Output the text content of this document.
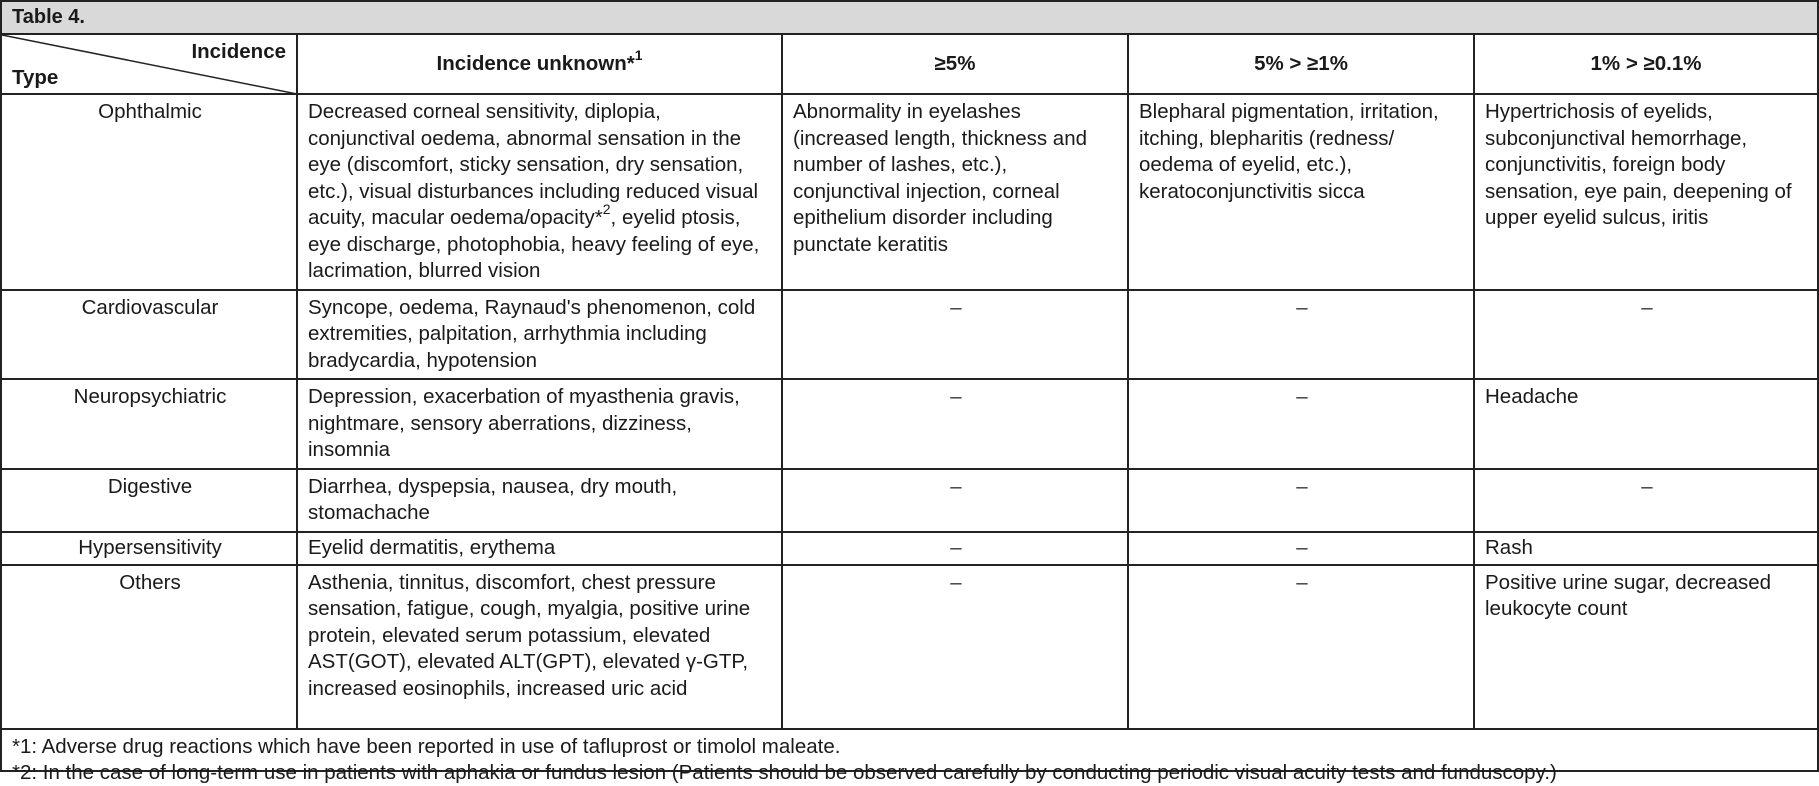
Table 4.
Incidence
Type	Incidence unknown*$^1$	≥5%	5% > ≥1%	1% > ≥0.1%
Ophthalmic	Decreased corneal sensitivity, diplopia, conjunctival oedema, abnormal sensation in the eye (discomfort, sticky sensation, dry sensation, etc.), visual disturbances including reduced visual acuity, macular oedema/opacity*$^2$, eyelid ptosis, eye discharge, photophobia, heavy feeling of eye, lacrimation, blurred vision	Abnormality in eyelashes (increased length, thickness and number of lashes, etc.), conjunctival injection, corneal epithelium disorder including punctate keratitis	Blepharal pigmentation, irritation, itching, blepharitis (redness/ oedema of eyelid, etc.), keratoconjunctivitis sicca	Hypertrichosis of eyelids, subconjunctival hemorrhage, conjunctivitis, foreign body sensation, eye pain, deepening of upper eyelid sulcus, iritis
Cardiovascular	Syncope, oedema, Raynaud's phenomenon, cold extremities, palpitation, arrhythmia including bradycardia, hypotension	–	–	–
Neuropsychiatric	Depression, exacerbation of myasthenia gravis, nightmare, sensory aberrations, dizziness, insomnia	–	–	Headache
Digestive	Diarrhea, dyspepsia, nausea, dry mouth, stomachache	–	–	–
Hypersensitivity	Eyelid dermatitis, erythema	–	–	Rash
Others	Asthenia, tinnitus, discomfort, chest pressure sensation, fatigue, cough, myalgia, positive urine protein, elevated serum potassium, elevated AST(GOT), elevated ALT(GPT), elevated γ-GTP, increased eosinophils, increased uric acid	–	–	Positive urine sugar, decreased leukocyte count
*1: Adverse drug reactions which have been reported in use of tafluprost or timolol maleate.
*2: In the case of long-term use in patients with aphakia or fundus lesion (Patients should be observed carefully by conducting periodic visual acuity tests and funduscopy.)
